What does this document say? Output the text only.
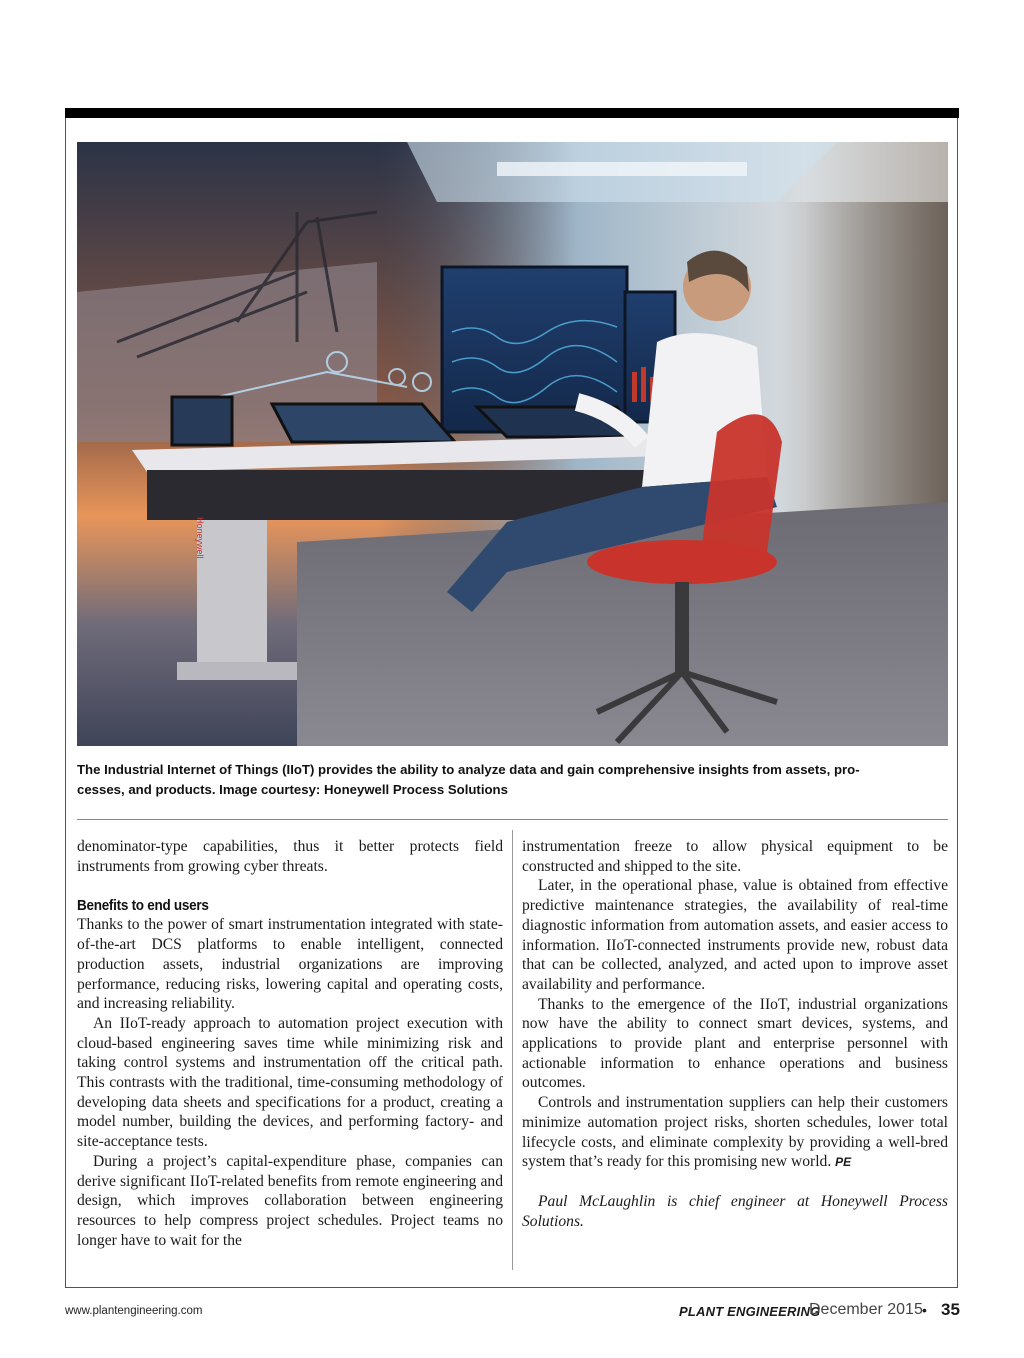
Honeywell

The Industrial Internet of Things (IIoT) provides the ability to analyze data and gain comprehensive insights from assets, pro-
cesses, and products. Image courtesy: Honeywell Process Solutions

denominator-type capabilities, thus it better protects field instruments from growing cyber threats.

Benefits to end users

Thanks to the power of smart instrumentation integrated with state-of-the-art DCS platforms to enable intelligent, connected production assets, industrial organizations are improving performance, reducing risks, lowering capital and operating costs, and increasing reliability.

An IIoT-ready approach to automation project execution with cloud-based engineering saves time while minimizing risk and taking control systems and instrumentation off the critical path. This contrasts with the traditional, time-consuming methodology of developing data sheets and specifications for a product, creating a model number, building the devices, and performing factory- and site-acceptance tests.

During a project’s capital-expenditure phase, companies can derive significant IIoT-related benefits from remote engineering and design, which improves collaboration between engineering resources to help compress project schedules. Project teams no longer have to wait for the

instrumentation freeze to allow physical equipment to be constructed and shipped to the site.

Later, in the operational phase, value is obtained from effective predictive maintenance strategies, the availability of real-time diagnostic information from automation assets, and easier access to information. IIoT-connected instruments provide new, robust data that can be collected, analyzed, and acted upon to improve asset availability and performance.

Thanks to the emergence of the IIoT, industrial organizations now have the ability to connect smart devices, systems, and applications to provide plant and enterprise personnel with actionable information to enhance operations and business outcomes.

Controls and instrumentation suppliers can help their customers minimize automation project risks, shorten schedules, lower total lifecycle costs, and eliminate complexity by providing a well-bred system that’s ready for this promising new world. PE

Paul McLaughlin is chief engineer at Honeywell Process Solutions.

www.plantengineering.com	PLANT ENGINEERING
December 2015 • 35
